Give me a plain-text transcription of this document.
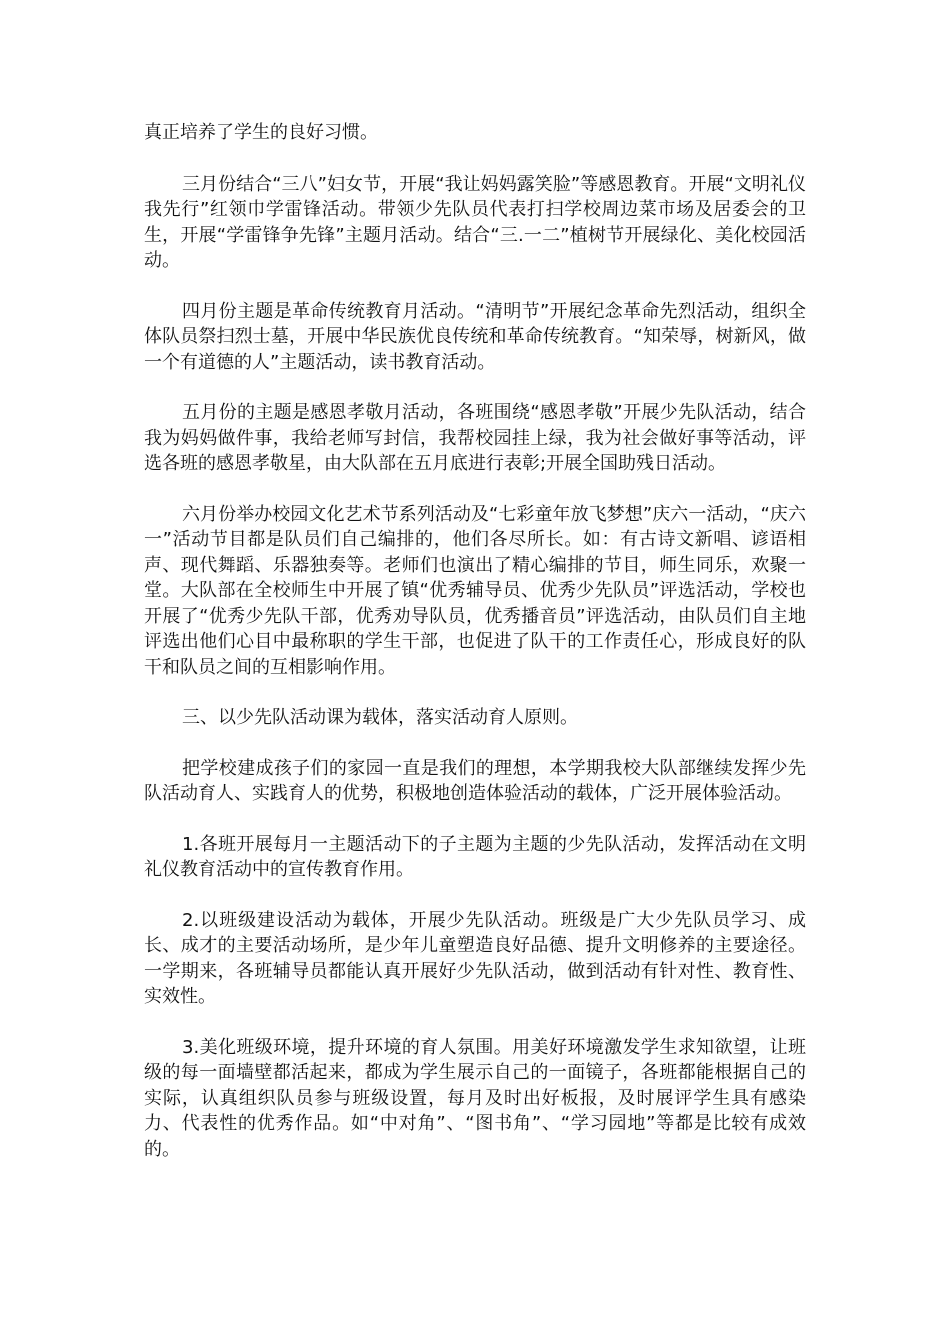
真正培养了学生的良好习惯。

三月份结合“三八”妇女节，开展“我让妈妈露笑脸”等感恩教育。开展“文明礼仪我先行”红领巾学雷锋活动。带领少先队员代表打扫学校周边菜市场及居委会的卫生，开展“学雷锋争先锋”主题月活动。结合“三.一二”植树节开展绿化、美化校园活动。

四月份主题是革命传统教育月活动。“清明节”开展纪念革命先烈活动，组织全体队员祭扫烈士墓，开展中华民族优良传统和革命传统教育。“知荣辱，树新风，做一个有道德的人”主题活动，读书教育活动。

五月份的主题是感恩孝敬月活动，各班围绕“感恩孝敬”开展少先队活动，结合我为妈妈做件事，我给老师写封信，我帮校园挂上绿，我为社会做好事等活动，评选各班的感恩孝敬星，由大队部在五月底进行表彰;开展全国助残日活动。

六月份举办校园文化艺术节系列活动及“七彩童年放飞梦想”庆六一活动，“庆六一”活动节目都是队员们自己编排的，他们各尽所长。如：有古诗文新唱、谚语相声、现代舞蹈、乐器独奏等。老师们也演出了精心编排的节目，师生同乐，欢聚一堂。大队部在全校师生中开展了镇“优秀辅导员、优秀少先队员”评选活动，学校也开展了“优秀少先队干部，优秀劝导队员，优秀播音员”评选活动，由队员们自主地评选出他们心目中最称职的学生干部，也促进了队干的工作责任心，形成良好的队干和队员之间的互相影响作用。

三、以少先队活动课为载体，落实活动育人原则。

把学校建成孩子们的家园一直是我们的理想，本学期我校大队部继续发挥少先队活动育人、实践育人的优势，积极地创造体验活动的载体，广泛开展体验活动。

1.各班开展每月一主题活动下的子主题为主题的少先队活动，发挥活动在文明礼仪教育活动中的宣传教育作用。

2.以班级建设活动为载体，开展少先队活动。班级是广大少先队员学习、成长、成才的主要活动场所，是少年儿童塑造良好品德、提升文明修养的主要途径。一学期来，各班辅导员都能认真开展好少先队活动，做到活动有针对性、教育性、实效性。

3.美化班级环境，提升环境的育人氛围。用美好环境激发学生求知欲望，让班级的每一面墙壁都活起来，都成为学生展示自己的一面镜子，各班都能根据自己的实际，认真组织队员参与班级设置，每月及时出好板报，及时展评学生具有感染力、代表性的优秀作品。如“中对角”、“图书角”、“学习园地”等都是比较有成效的。
